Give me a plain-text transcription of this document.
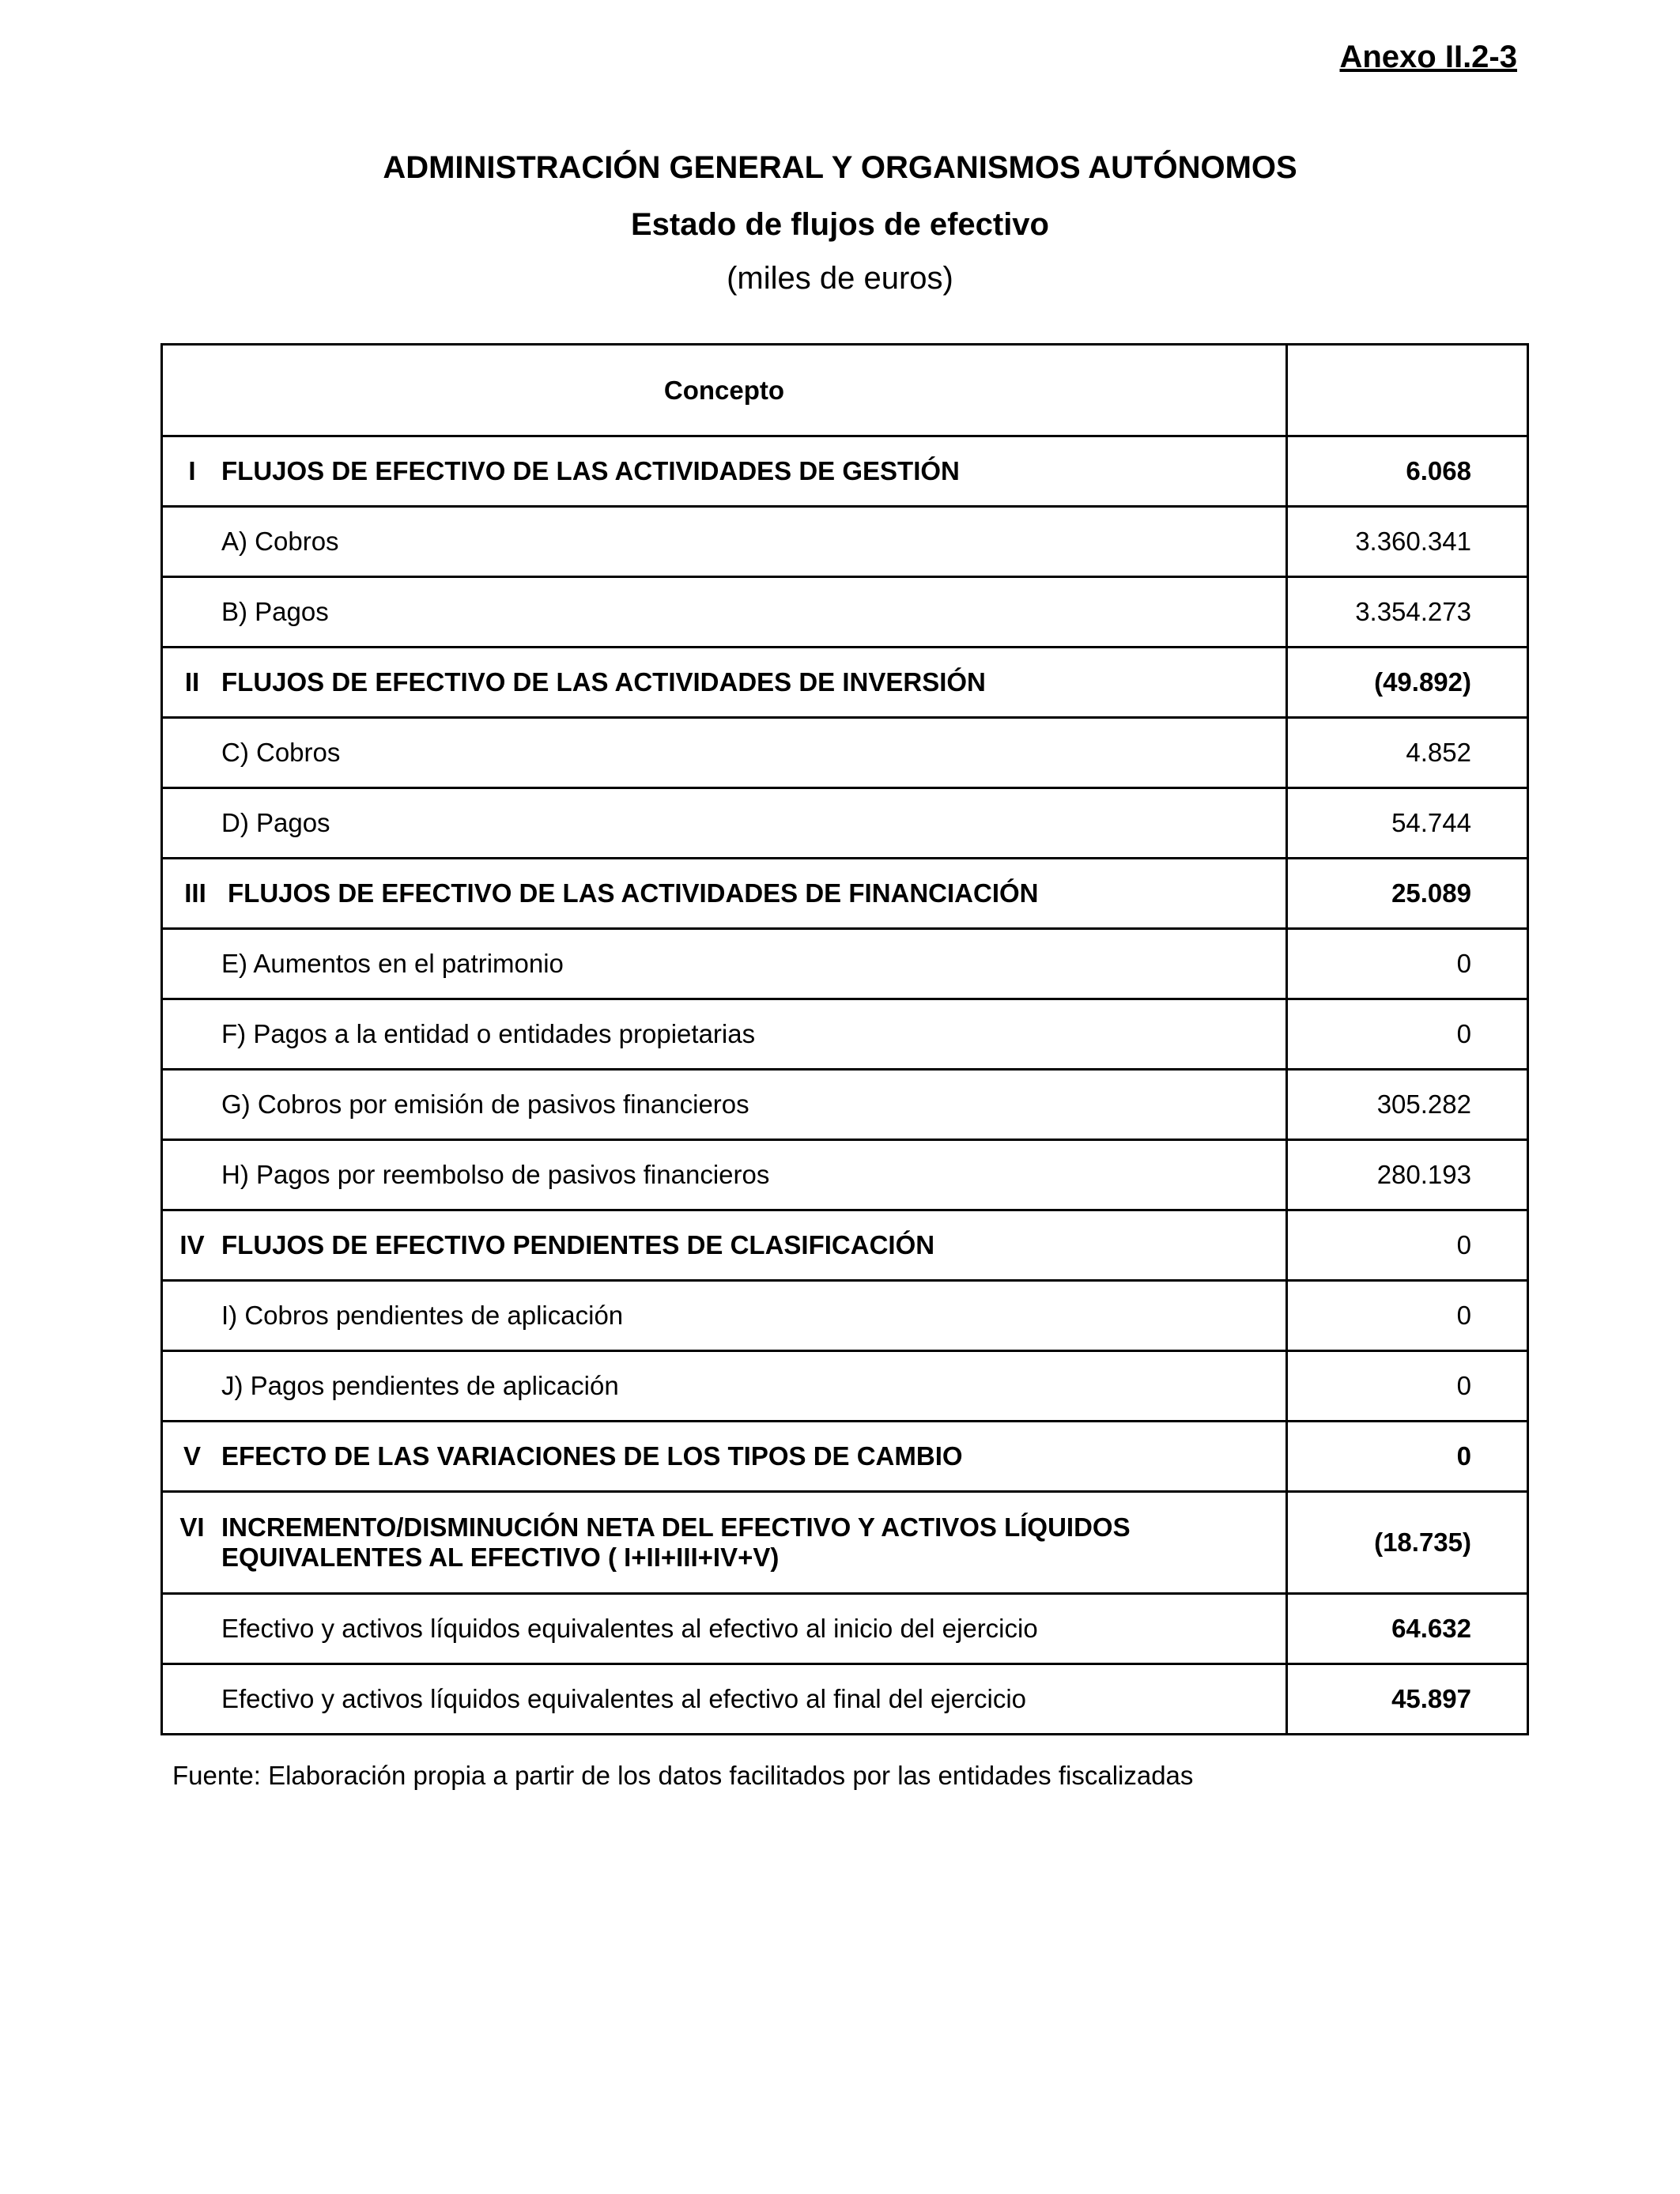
Anexo II.2-3
ADMINISTRACIÓN GENERAL Y ORGANISMOS AUTÓNOMOS
Estado de flujos de efectivo
(miles de euros)
Concepto	

I FLUJOS DE EFECTIVO DE LAS ACTIVIDADES DE GESTIÓN	6.068

A) Cobros	3.360.341

B) Pagos	3.354.273

II FLUJOS DE EFECTIVO DE LAS ACTIVIDADES DE INVERSIÓN	(49.892)

C) Cobros	4.852

D) Pagos	54.744

III FLUJOS DE EFECTIVO DE LAS ACTIVIDADES DE FINANCIACIÓN	25.089

E) Aumentos en el patrimonio	0

F) Pagos a la entidad o entidades propietarias	0

G) Cobros por emisión de pasivos financieros	305.282

H) Pagos por reembolso de pasivos financieros	280.193

IV FLUJOS DE EFECTIVO PENDIENTES DE CLASIFICACIÓN	0

I) Cobros pendientes de aplicación	0

J) Pagos pendientes de aplicación	0

V EFECTO DE LAS VARIACIONES DE LOS TIPOS DE CAMBIO	0

VI INCREMENTO/DISMINUCIÓN NETA DEL EFECTIVO Y ACTIVOS LÍQUIDOS
EQUIVALENTES AL EFECTIVO ( I+II+III+IV+V)	(18.735)

Efectivo y activos líquidos equivalentes al efectivo al inicio del ejercicio	64.632

Efectivo y activos líquidos equivalentes al efectivo al final del ejercicio	45.897
Fuente: Elaboración propia a partir de los datos facilitados por las entidades fiscalizadas
